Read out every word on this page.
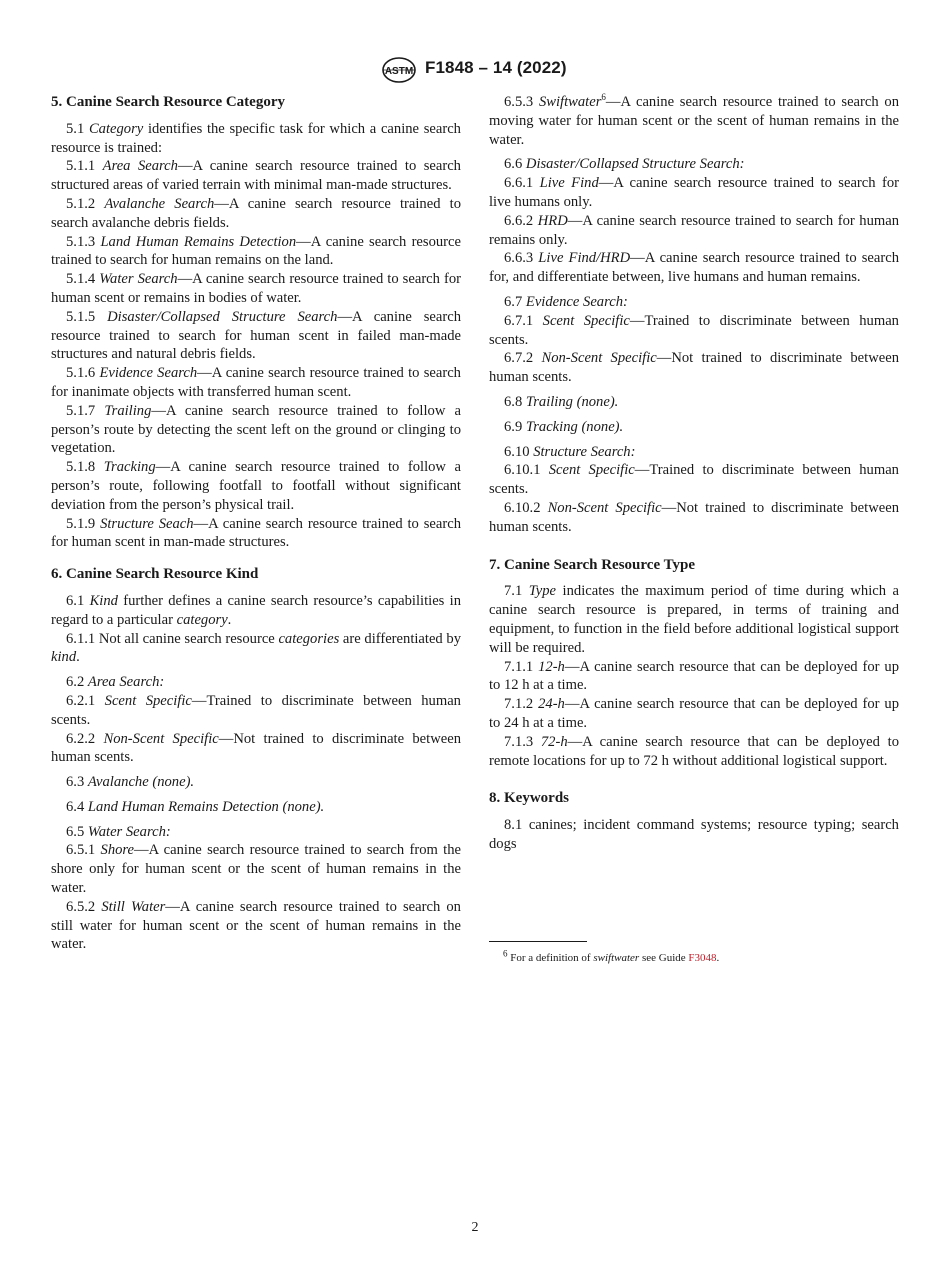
ASTM F1848 – 14 (2022)
5. Canine Search Resource Category

5.1 Category identifies the specific task for which a canine search resource is trained:

5.1.1 Area Search—A canine search resource trained to search structured areas of varied terrain with minimal man-made structures.

5.1.2 Avalanche Search—A canine search resource trained to search avalanche debris fields.

5.1.3 Land Human Remains Detection—A canine search resource trained to search for human remains on the land.

5.1.4 Water Search—A canine search resource trained to search for human scent or remains in bodies of water.

5.1.5 Disaster/Collapsed Structure Search—A canine search resource trained to search for human scent in failed man-made structures and natural debris fields.

5.1.6 Evidence Search—A canine search resource trained to search for inanimate objects with transferred human scent.

5.1.7 Trailing—A canine search resource trained to follow a person’s route by detecting the scent left on the ground or clinging to vegetation.

5.1.8 Tracking—A canine search resource trained to follow a person’s route, following footfall to footfall without significant deviation from the person’s physical trail.

5.1.9 Structure Seach—A canine search resource trained to search for human scent in man-made structures.

6. Canine Search Resource Kind

6.1 Kind further defines a canine search resource’s capabilities in regard to a particular category.

6.1.1 Not all canine search resource categories are differentiated by kind.

6.2 Area Search:

6.2.1 Scent Specific—Trained to discriminate between human scents.

6.2.2 Non-Scent Specific—Not trained to discriminate between human scents.

6.3 Avalanche (none).

6.4 Land Human Remains Detection (none).

6.5 Water Search:

6.5.1 Shore—A canine search resource trained to search from the shore only for human scent or the scent of human remains in the water.

6.5.2 Still Water—A canine search resource trained to search on still water for human scent or the scent of human remains in the water.

6.5.3 Swiftwater$^6$—A canine search resource trained to search on moving water for human scent or the scent of human remains in the water.

6.6 Disaster/Collapsed Structure Search:

6.6.1 Live Find—A canine search resource trained to search for live humans only.

6.6.2 HRD—A canine search resource trained to search for human remains only.

6.6.3 Live Find/HRD—A canine search resource trained to search for, and differentiate between, live humans and human remains.

6.7 Evidence Search:

6.7.1 Scent Specific—Trained to discriminate between human scents.

6.7.2 Non-Scent Specific—Not trained to discriminate between human scents.

6.8 Trailing (none).

6.9 Tracking (none).

6.10 Structure Search:

6.10.1 Scent Specific—Trained to discriminate between human scents.

6.10.2 Non-Scent Specific—Not trained to discriminate between human scents.

7. Canine Search Resource Type

7.1 Type indicates the maximum period of time during which a canine search resource is prepared, in terms of training and equipment, to function in the field before additional logistical support will be required.

7.1.1 12-h—A canine search resource that can be deployed for up to 12 h at a time.

7.1.2 24-h—A canine search resource that can be deployed for up to 24 h at a time.

7.1.3 72-h—A canine search resource that can be deployed to remote locations for up to 72 h without additional logistical support.

8. Keywords

8.1 canines; incident command systems; resource typing; search dogs

$^6$ For a definition of swiftwater see Guide F3048.
2
